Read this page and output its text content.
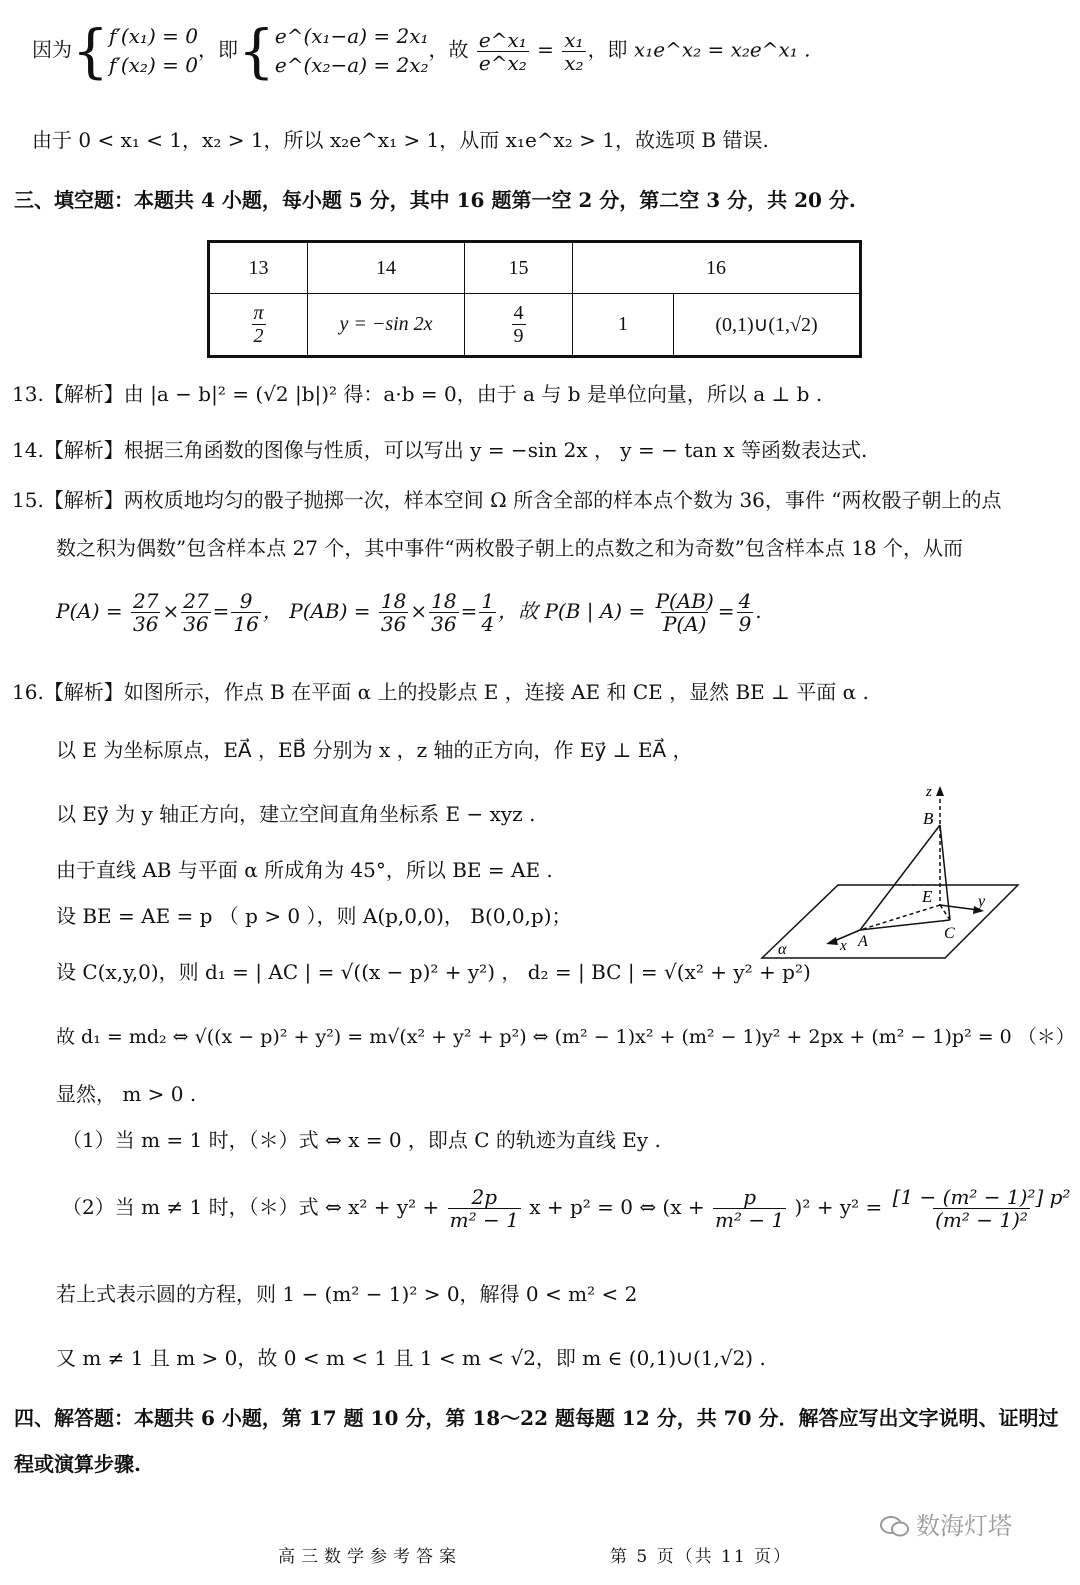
因为{ f′(x₁) = 0
f′(x₂) = 0
，即{ e^(x₁−a) = 2x₁
e^(x₂−a) = 2x₂
，故 $\frac{\text{e\textasciicircum{}x₁}}{\text{e\textasciicircum{}x₂}} = \frac{\text{x₁}}{\text{x₂}}$ ，即 x₁e^x₂ = x₂e^x₁ .
由于 0 < x₁ < 1，x₂ > 1，所以 x₂e^x₁ > 1，从而 x₁e^x₂ > 1，故选项 B 错误.
三、填空题：本题共 4 小题，每小题 5 分，其中 16 题第一空 2 分，第二空 3 分，共 20 分.
13	14	15	16	

$\frac{\pi}{2}$	y = −sin 2x	$\frac{4}{9}$	1	(0,1)∪(1,√2)
13.【解析】由 |a − b|² = (√2 |b|)² 得：a·b = 0，由于 a 与 b 是单位向量，所以 a ⊥ b .
14.【解析】根据三角函数的图像与性质，可以写出 y = −sin 2x ， y = − tan x 等函数表达式.
15.【解析】两枚质地均匀的骰子抛掷一次，样本空间 Ω 所含全部的样本点个数为 36，事件 “两枚骰子朝上的点
数之积为偶数”包含样本点 27 个，其中事件“两枚骰子朝上的点数之和为奇数”包含样本点 18 个，从而
$P(A) = \frac{27}{36} \times \frac{27}{36} = \frac{9}{16}$ ， $P(AB) = \frac{18}{36} \times \frac{18}{36} = \frac{1}{4}$ ，故 P(B | $A) = \frac{P(AB)}{P(A)} = \frac{4}{9}$ .
16.【解析】如图所示，作点 B 在平面 α 上的投影点 E ，连接 AE 和 CE ，显然 BE ⊥ 平面 α .
以 E 为坐标原点，EA⃗ ，EB⃗ 分别为 x ，z 轴的正方向，作 Ey⃗ ⊥ EA⃗ ，
以 Ey⃗ 为 y 轴正方向，建立空间直角坐标系 E − xyz .
由于直线 AB 与平面 α 所成角为 45°，所以 BE = AE .
设 BE = AE = p （ p > 0 ），则 A(p,0,0)， B(0,0,p)；
设 C(x,y,0)，则 d₁ = | AC | = √((x − p)² + y²) ， d₂ = | BC | = √(x² + y² + p²)
故 d₁ = md₂ ⇔ √((x − p)² + y²) = m√(x² + y² + p²) ⇔ (m² − 1)x² + (m² − 1)y² + 2px + (m² − 1)p² = 0 （＊）
显然， m > 0 .
（1）当 m = 1 时，（＊）式 ⇔ x = 0 ，即点 C 的轨迹为直线 Ey .
（2）当 m ≠ 1 时，（＊）式 ⇔ $x^2 + y^2 + \frac{2p}{\text{m² − 1}}$ x + p² = 0 ⇔ $(x + \frac{p}{\text{m² − 1}} )^2 + y^2 = \frac{\text{[1 − (m² − 1)²] p²}}{\text{(m² − 1)²}}$
若上式表示圆的方程，则 1 − (m² − 1)² > 0，解得 0 < m² < 2
又 m ≠ 1 且 m > 0，故 0 < m < 1 且 1 < m < √2，即 m ∈ (0,1)∪(1,√2) .
四、解答题：本题共 6 小题，第 17 题 10 分，第 18～22 题每题 12 分，共 70 分．解答应写出文字说明、证明过
程或演算步骤.
z
B
E	y
x A	C
α
数海灯塔
高三数学参考答案	第 5 页（共 11 页）
